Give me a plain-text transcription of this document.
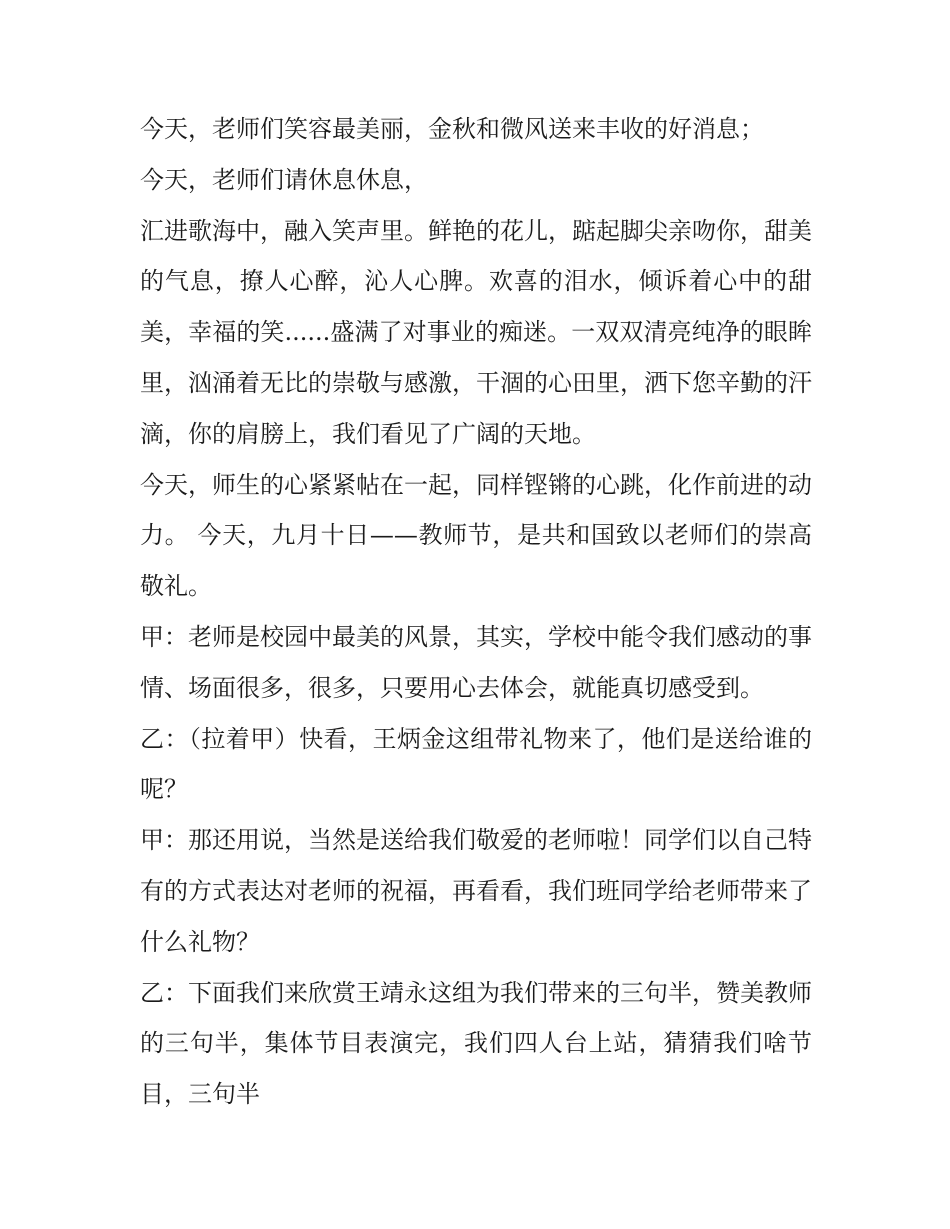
今天，老师们笑容最美丽，金秋和微风送来丰收的好消息；

今天，老师们请休息休息，

汇进歌海中，融入笑声里。鲜艳的花儿，踮起脚尖亲吻你，甜美的气息，撩人心醉，沁人心脾。欢喜的泪水，倾诉着心中的甜美，幸福的笑......盛满了对事业的痴迷。一双双清亮纯净的眼眸里，汹涌着无比的崇敬与感激，干涸的心田里，洒下您辛勤的汗滴，你的肩膀上，我们看见了广阔的天地。

今天，师生的心紧紧帖在一起，同样铿锵的心跳，化作前进的动力。 今天，九月十日——教师节，是共和国致以老师们的崇高敬礼。

甲：老师是校园中最美的风景，其实，学校中能令我们感动的事情、场面很多，很多，只要用心去体会，就能真切感受到。

乙：（拉着甲）快看，王炳金这组带礼物来了，他们是送给谁的呢？

甲：那还用说，当然是送给我们敬爱的老师啦！同学们以自己特有的方式表达对老师的祝福，再看看，我们班同学给老师带来了什么礼物？

乙：下面我们来欣赏王靖永这组为我们带来的三句半，赞美教师的三句半，集体节目表演完，我们四人台上站，猜猜我们啥节目，三句半
